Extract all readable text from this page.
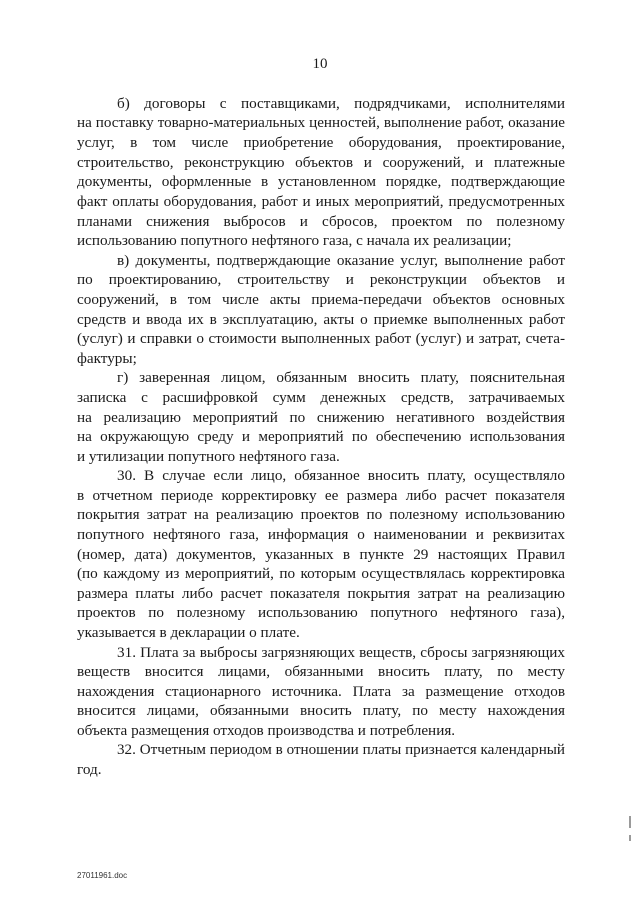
10

б) договоры с поставщиками, подрядчиками, исполнителями
на поставку товарно-материальных ценностей, выполнение работ, оказание
услуг, в том числе приобретение оборудования, проектирование,
строительство, реконструкцию объектов и сооружений, и платежные
документы, оформленные в установленном порядке, подтверждающие
факт оплаты оборудования, работ и иных мероприятий, предусмотренных
планами снижения выбросов и сбросов, проектом по полезному
использованию попутного нефтяного газа, с начала их реализации;

в) документы, подтверждающие оказание услуг, выполнение работ
по проектированию, строительству и реконструкции объектов и
сооружений, в том числе акты приема-передачи объектов основных
средств и ввода их в эксплуатацию, акты о приемке выполненных работ
(услуг) и справки о стоимости выполненных работ (услуг) и затрат, счета-
фактуры;

г) заверенная лицом, обязанным вносить плату, пояснительная
записка с расшифровкой сумм денежных средств, затрачиваемых
на реализацию мероприятий по снижению негативного воздействия
на окружающую среду и мероприятий по обеспечению использования
и утилизации попутного нефтяного газа.

30. В случае если лицо, обязанное вносить плату, осуществляло
в отчетном периоде корректировку ее размера либо расчет показателя
покрытия затрат на реализацию проектов по полезному использованию
попутного нефтяного газа, информация о наименовании и реквизитах
(номер, дата) документов, указанных в пункте 29 настоящих Правил
(по каждому из мероприятий, по которым осуществлялась корректировка
размера платы либо расчет показателя покрытия затрат на реализацию
проектов по полезному использованию попутного нефтяного газа),
указывается в декларации о плате.

31. Плата за выбросы загрязняющих веществ, сбросы загрязняющих
веществ вносится лицами, обязанными вносить плату, по месту
нахождения стационарного источника. Плата за размещение отходов
вносится лицами, обязанными вносить плату, по месту нахождения
объекта размещения отходов производства и потребления.

32. Отчетным периодом в отношении платы признается календарный
год.

27011961.doc
